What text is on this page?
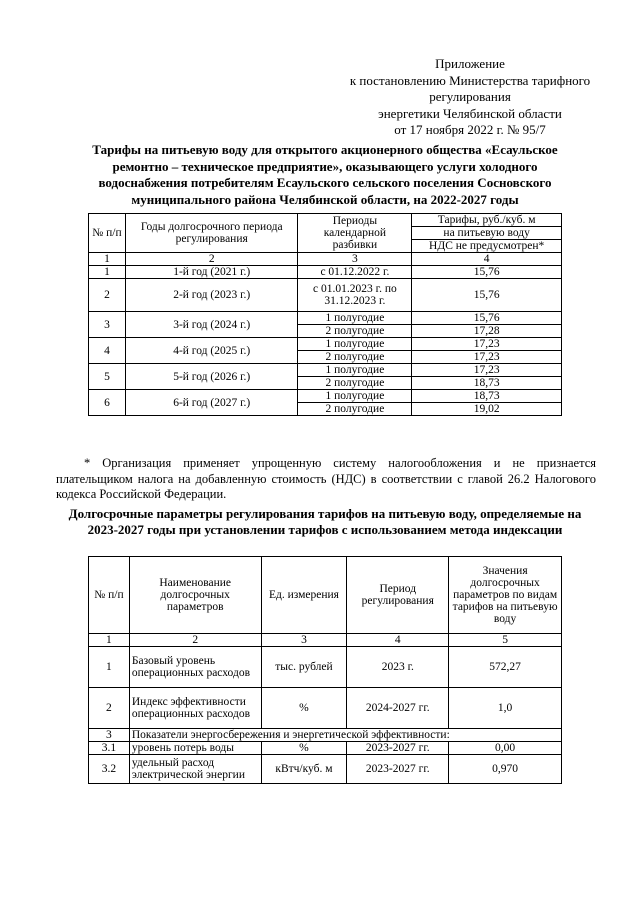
Приложение
к постановлению Министерства тарифного
регулирования
энергетики Челябинской области
от 17 ноября 2022 г. № 95/7
Тарифы на питьевую воду для открытого акционерного общества «Есаульское ремонтно – техническое предприятие», оказывающего услуги холодного водоснабжения потребителям Есаульского сельского поселения Сосновского муниципального района Челябинской области, на 2022-2027 годы
№ п/п	Годы долгосрочного периода регулирования	Периоды календарной разбивки	Тарифы, руб./куб. м
			на питьевую воду
			НДС не предусмотрен*
1	2	3	4
1	1-й год (2021 г.)	с 01.12.2022 г.	15,76
2	2-й год (2023 г.)	с 01.01.2023 г. по 31.12.2023 г.	15,76
3	3-й год (2024 г.)	1 полугодие	15,76
		2 полугодие	17,28
4	4-й год (2025 г.)	1 полугодие	17,23
		2 полугодие	17,23
5	5-й год (2026 г.)	1 полугодие	17,23
		2 полугодие	18,73
6	6-й год (2027 г.)	1 полугодие	18,73
		2 полугодие	19,02
* Организация применяет упрощенную систему налогообложения и не признается плательщиком налога на добавленную стоимость (НДС) в соответствии с главой 26.2 Налогового кодекса Российской Федерации.
Долгосрочные параметры регулирования тарифов на питьевую воду, определяемые на 2023-2027 годы при установлении тарифов с использованием метода индексации
№ п/п	Наименование долгосрочных параметров	Ед. измерения	Период регулирования	Значения долгосрочных параметров по видам тарифов на питьевую воду
1	2	3	4	5
1	Базовый уровень операционных расходов	тыс. рублей	2023 г.	572,27
2	Индекс эффективности операционных расходов	%	2024-2027 гг.	1,0
3	Показатели энергосбережения и энергетической эффективности:			
3.1	уровень потерь воды	%	2023-2027 гг.	0,00
3.2	удельный расход электрической энергии	кВтч/куб. м	2023-2027 гг.	0,970
